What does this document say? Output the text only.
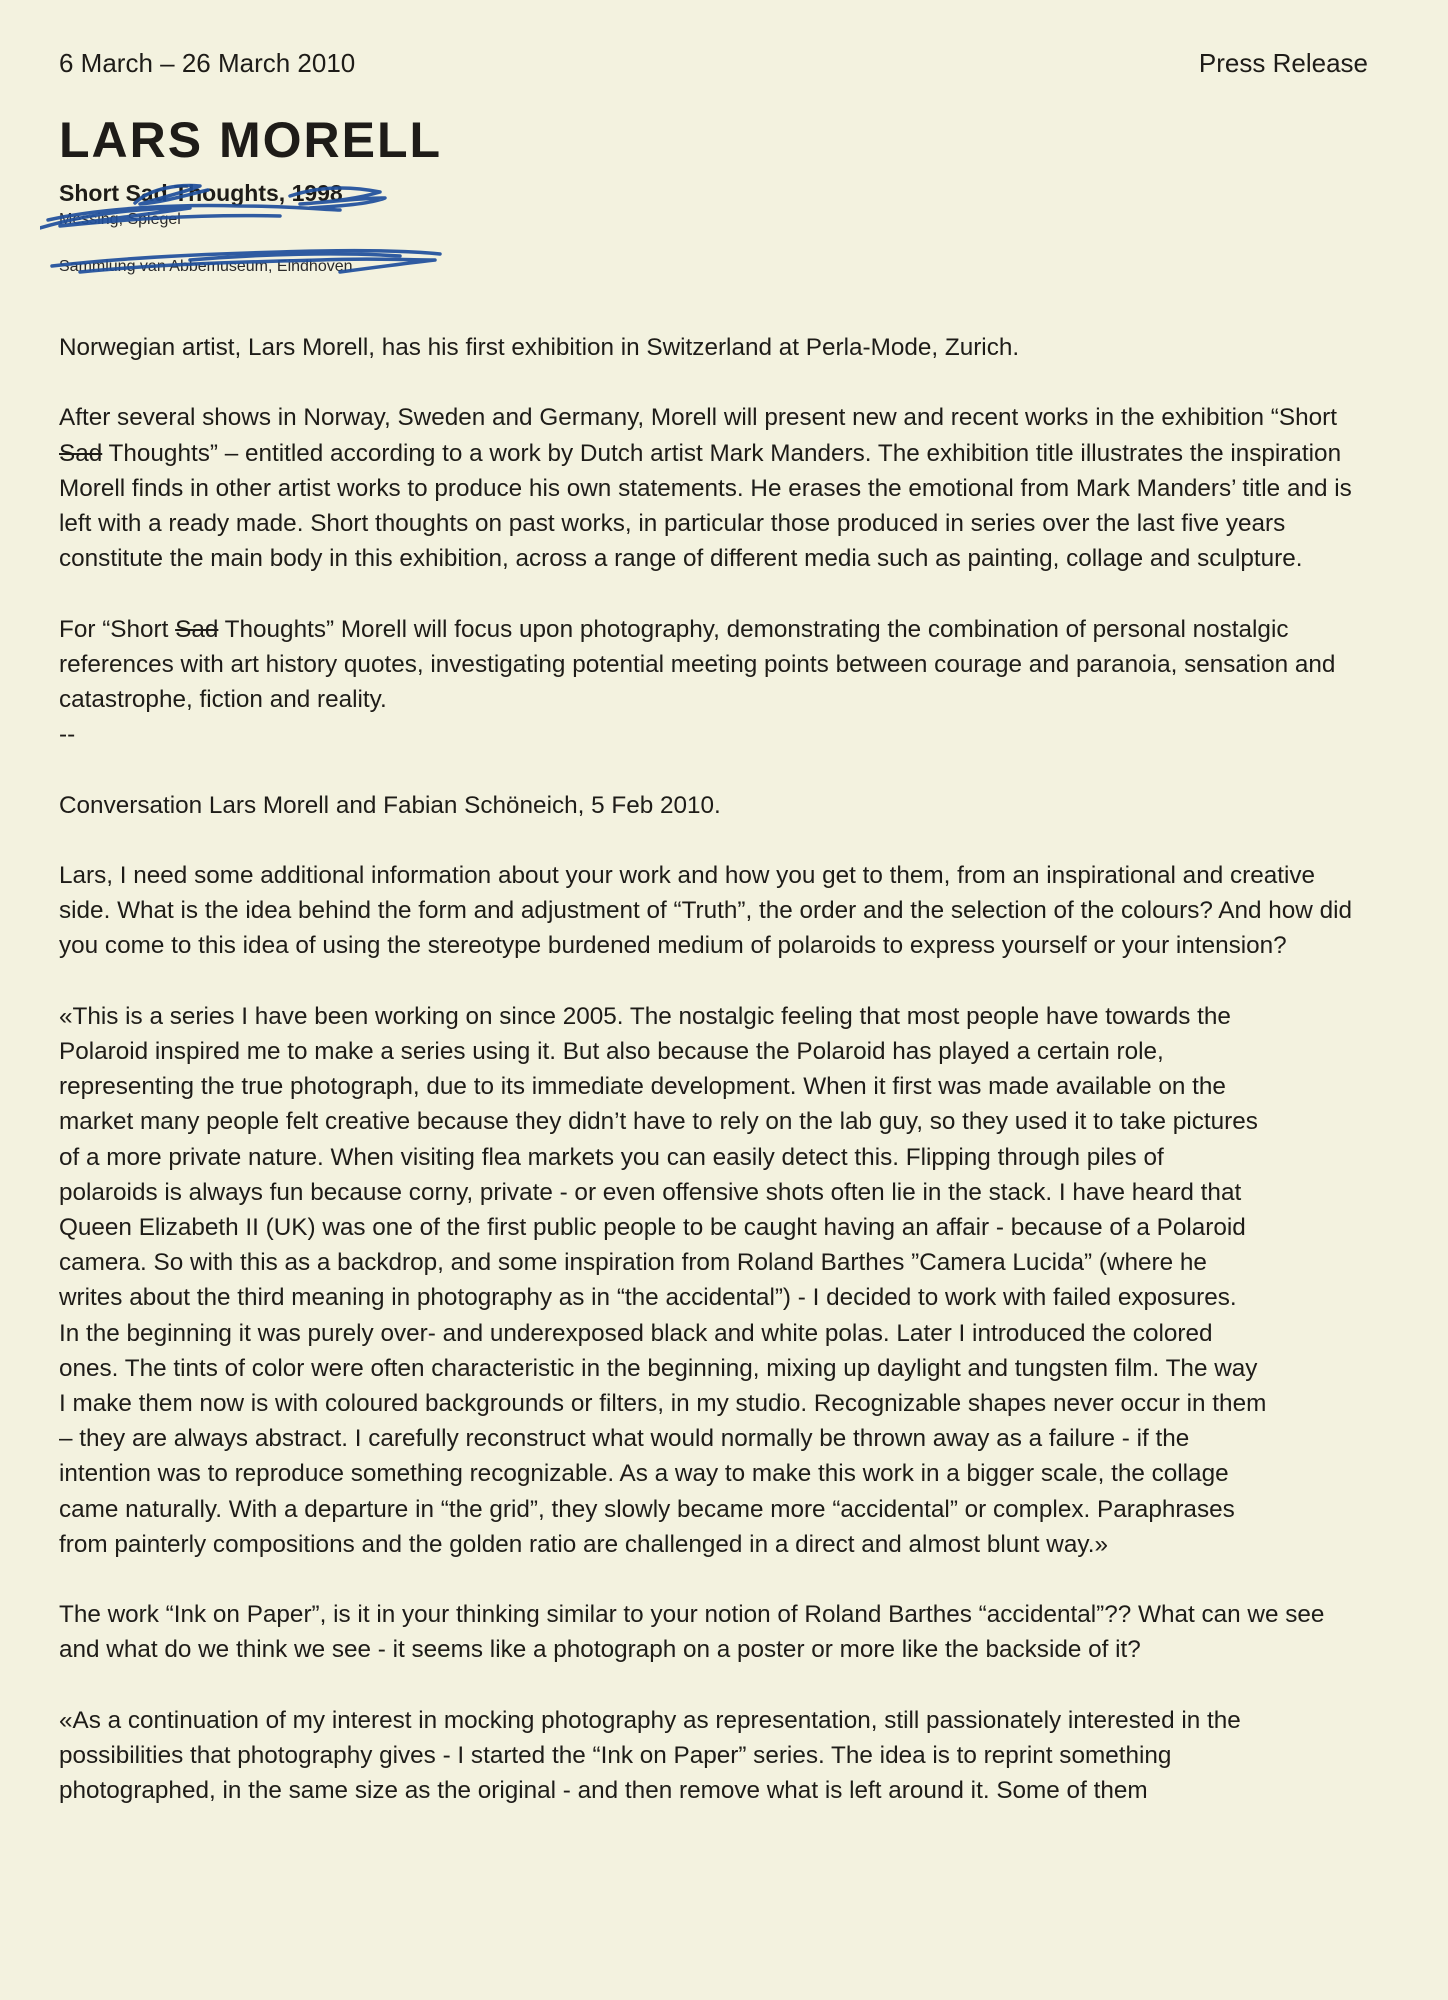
6 March – 26 March 2010	Press Release
LARS MORELL
Short Sad Thoughts, 1998
Messing, Spiegel
Sammlung van Abbemuseum, Eindhoven

Norwegian artist, Lars Morell, has his first exhibition in Switzerland at Perla-Mode, Zurich.

After several shows in Norway, Sweden and Germany, Morell will present new and recent works in the exhibition “Short Sad Thoughts” – entitled according to a work by Dutch artist Mark Manders. The exhibition title illustrates the inspiration Morell finds in other artist works to produce his own statements. He erases the emotional from Mark Manders’ title and is left with a ready made. Short thoughts on past works, in particular those produced in series over the last five years constitute the main body in this exhibition, across a range of different media such as painting, collage and sculpture.

For “Short Sad Thoughts” Morell will focus upon photography, demonstrating the combination of personal nostalgic references with art history quotes, investigating potential meeting points between courage and paranoia, sensation and catastrophe, fiction and reality.

--

Conversation Lars Morell and Fabian Schöneich, 5 Feb 2010.

Lars, I need some additional information about your work and how you get to them, from an inspirational and creative side. What is the idea behind the form and adjustment of “Truth”, the order and the selection of the colours? And how did you come to this idea of using the stereotype burdened medium of polaroids to express yourself or your intension?

«This is a series I have been working on since 2005. The nostalgic feeling that most people have towards the Polaroid inspired me to make a series using it. But also because the Polaroid has played a certain role, representing the true photograph, due to its immediate development. When it first was made available on the market many people felt creative because they didn’t have to rely on the lab guy, so they used it to take pictures of a more private nature. When visiting flea markets you can easily detect this. Flipping through piles of polaroids is always fun because corny, private - or even offensive shots often lie in the stack. I have heard that Queen Elizabeth II (UK) was one of the first public people to be caught having an affair - because of a Polaroid camera. So with this as a backdrop, and some inspiration from Roland Barthes ”Camera Lucida” (where he writes about the third meaning in photography as in “the accidental”) - I decided to work with failed exposures.

In the beginning it was purely over- and underexposed black and white polas. Later I introduced the colored ones. The tints of color were often characteristic in the beginning, mixing up daylight and tungsten film. The way I make them now is with coloured backgrounds or filters, in my studio. Recognizable shapes never occur in them – they are always abstract. I carefully reconstruct what would normally be thrown away as a failure - if the intention was to reproduce something recognizable. As a way to make this work in a bigger scale, the collage came naturally. With a departure in “the grid”, they slowly became more “accidental” or complex. Paraphrases from painterly compositions and the golden ratio are challenged in a direct and almost blunt way.»

The work “Ink on Paper”, is it in your thinking similar to your notion of Roland Barthes “accidental”?? What can we see and what do we think we see - it seems like a photograph on a poster or more like the backside of it?

«As a continuation of my interest in mocking photography as representation, still passionately interested in the possibilities that photography gives - I started the “Ink on Paper” series. The idea is to reprint something photographed, in the same size as the original - and then remove what is left around it. Some of them
